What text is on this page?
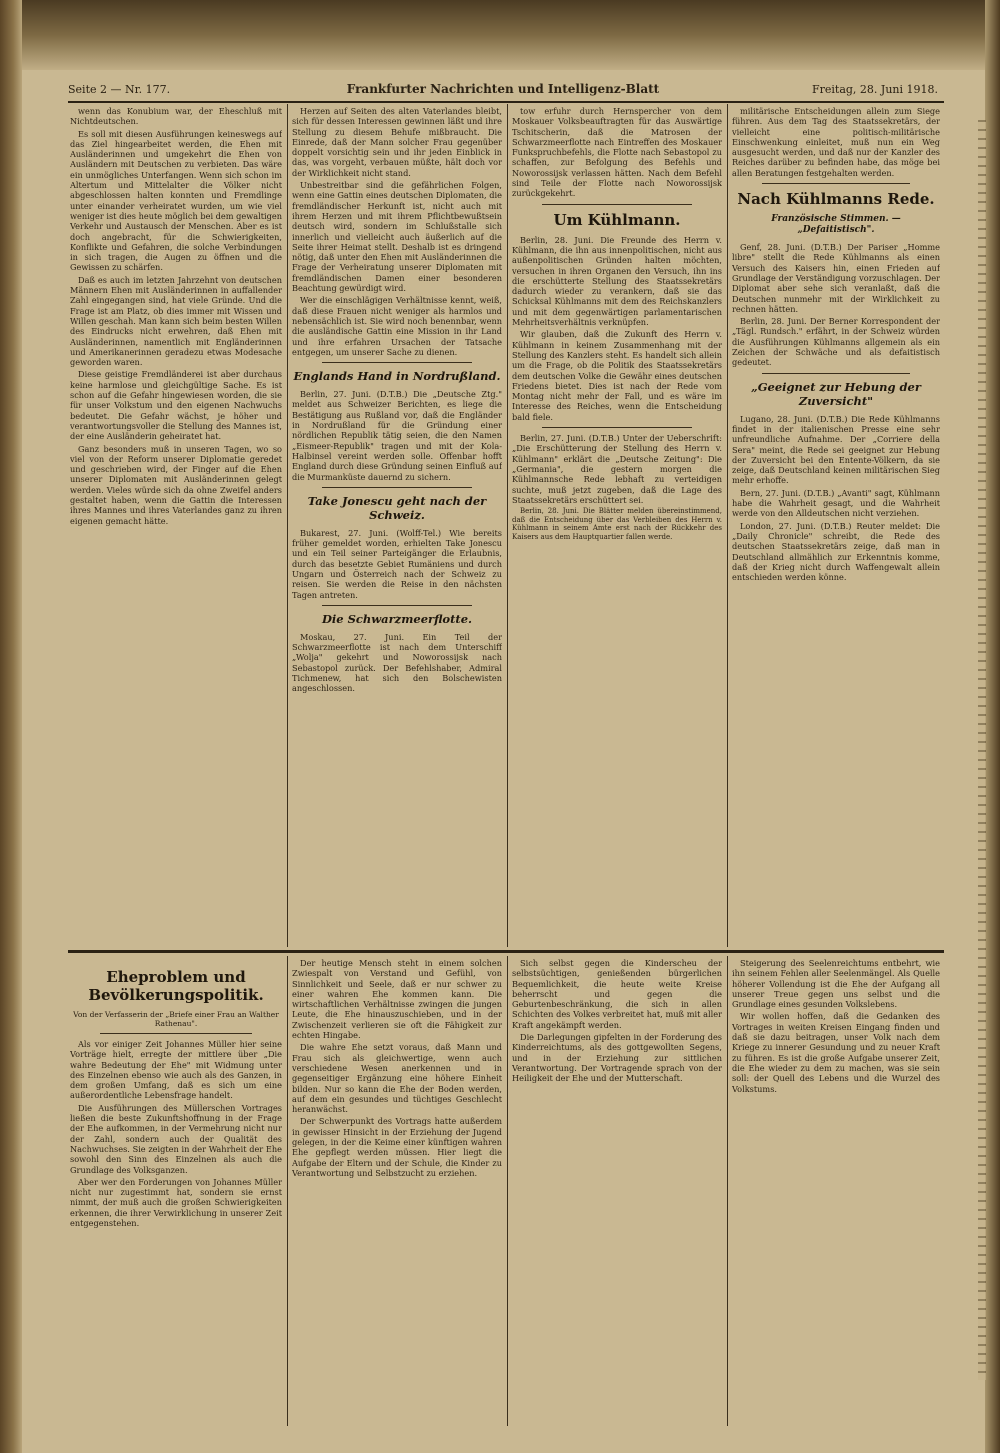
Seite 2 — Nr. 177.	Frankfurter Nachrichten und Intelligenz-Blatt	Freitag, 28. Juni 1918.

wenn das Konubium war, der Eheschluß mit Nichtdeutschen.

Es soll mit diesen Ausführungen keineswegs auf das Ziel hingearbeitet werden, die Ehen mit Ausländerinnen und umgekehrt die Ehen von Ausländern mit Deutschen zu verbieten. Das wäre ein unmögliches Unterfangen. Wenn sich schon im Altertum und Mittelalter die Völker nicht abgeschlossen halten konnten und Fremdlinge unter einander verheiratet wurden, um wie viel weniger ist dies heute möglich bei dem gewaltigen Verkehr und Austausch der Menschen. Aber es ist doch angebracht, für die Schwierigkeiten, Konflikte und Gefahren, die solche Verbindungen in sich tragen, die Augen zu öffnen und die Gewissen zu schärfen.

Daß es auch im letzten Jahrzehnt von deutschen Männern Ehen mit Ausländerinnen in auffallender Zahl eingegangen sind, hat viele Gründe. Und die Frage ist am Platz, ob dies immer mit Wissen und Willen geschah. Man kann sich beim besten Willen des Eindrucks nicht erwehren, daß Ehen mit Ausländerinnen, namentlich mit Engländerinnen und Amerikanerinnen geradezu etwas Modesache geworden waren.

Diese geistige Fremdländerei ist aber durchaus keine harmlose und gleichgültige Sache. Es ist schon auf die Gefahr hingewiesen worden, die sie für unser Volkstum und den eigenen Nachwuchs bedeutet. Die Gefahr wächst, je höher und verantwortungsvoller die Stellung des Mannes ist, der eine Ausländerin geheiratet hat.

Ganz besonders muß in unseren Tagen, wo so viel von der Reform unserer Diplomatie geredet und geschrieben wird, der Finger auf die Ehen unserer Diplomaten mit Ausländerinnen gelegt werden. Vieles würde sich da ohne Zweifel anders gestaltet haben, wenn die Gattin die Interessen ihres Mannes und ihres Vaterlandes ganz zu ihren eigenen gemacht hätte.

Herzen auf Seiten des alten Vaterlandes bleibt, sich für dessen Interessen gewinnen läßt und ihre Stellung zu diesem Behufe mißbraucht. Die Einrede, daß der Mann solcher Frau gegenüber doppelt vorsichtig sein und ihr jeden Einblick in das, was vorgeht, verbauen müßte, hält doch vor der Wirklichkeit nicht stand.

Unbestreitbar sind die gefährlichen Folgen, wenn eine Gattin eines deutschen Diplomaten, die fremdländischer Herkunft ist, nicht auch mit ihrem Herzen und mit ihrem Pflichtbewußtsein deutsch wird, sondern im Schlußstalle sich innerlich und vielleicht auch äußerlich auf die Seite ihrer Heimat stellt. Deshalb ist es dringend nötig, daß unter den Ehen mit Ausländerinnen die Frage der Verheiratung unserer Diplomaten mit fremdländischen Damen einer besonderen Beachtung gewürdigt wird.

Wer die einschlägigen Verhältnisse kennt, weiß, daß diese Frauen nicht weniger als harmlos und nebensächlich ist. Sie wird noch benennbar, wenn die ausländische Gattin eine Mission in ihr Land und ihre erfahren Ursachen der Tatsache entgegen, um unserer Sache zu dienen.

Englands Hand in Nordrußland.

Berlin, 27. Juni. (D.T.B.) Die „Deutsche Ztg." meldet aus Schweizer Berichten, es liege die Bestätigung aus Rußland vor, daß die Engländer in Nordrußland für die Gründung einer nördlichen Republik tätig seien, die den Namen „Eismeer-Republik" tragen und mit der Kola-Halbinsel vereint werden solle. Offenbar hofft England durch diese Gründung seinen Einfluß auf die Murmanküste dauernd zu sichern.

Take Jonescu geht nach der Schweiz.

Bukarest, 27. Juni. (Wolff-Tel.) Wie bereits früher gemeldet worden, erhielten Take Jonescu und ein Teil seiner Parteigänger die Erlaubnis, durch das besetzte Gebiet Rumäniens und durch Ungarn und Österreich nach der Schweiz zu reisen. Sie werden die Reise in den nächsten Tagen antreten.

Die Schwarzmeerflotte.

Moskau, 27. Juni. Ein Teil der Schwarzmeerflotte ist nach dem Unterschiff „Wolja" gekehrt und Noworossijsk nach Sebastopol zurück. Der Befehlshaber, Admiral Tichmenew, hat sich den Bolschewisten angeschlossen.

tow erfuhr durch Hernspercher von dem Moskauer Volksbeauftragten für das Auswärtige Tschitscherin, daß die Matrosen der Schwarzmeerflotte nach Eintreffen des Moskauer Funkspruchbefehls, die Flotte nach Sebastopol zu schaffen, zur Befolgung des Befehls und Noworossijsk verlassen hätten. Nach dem Befehl sind Teile der Flotte nach Noworossijsk zurückgekehrt.

Um Kühlmann.

Berlin, 28. Juni. Die Freunde des Herrn v. Kühlmann, die ihn aus innenpolitischen, nicht aus außenpolitischen Gründen halten möchten, versuchen in ihren Organen den Versuch, ihn ins die erschütterte Stellung des Staatssekretärs dadurch wieder zu verankern, daß sie das Schicksal Kühlmanns mit dem des Reichskanzlers und mit dem gegenwärtigen parlamentarischen Mehrheitsverhältnis verknüpfen.

Wir glauben, daß die Zukunft des Herrn v. Kühlmann in keinem Zusammenhang mit der Stellung des Kanzlers steht. Es handelt sich allein um die Frage, ob die Politik des Staatssekretärs dem deutschen Volke die Gewähr eines deutschen Friedens bietet. Dies ist nach der Rede vom Montag nicht mehr der Fall, und es wäre im Interesse des Reiches, wenn die Entscheidung bald fiele.

Berlin, 27. Juni. (D.T.B.) Unter der Ueberschrift: „Die Erschütterung der Stellung des Herrn v. Kühlmann" erklärt die „Deutsche Zeitung": Die „Germania", die gestern morgen die Kühlmannsche Rede lebhaft zu verteidigen suchte, muß jetzt zugeben, daß die Lage des Staatssekretärs erschüttert sei.

Berlin, 28. Juni. Die Blätter melden übereinstimmend, daß die Entscheidung über das Verbleiben des Herrn v. Kühlmann in seinem Amte erst nach der Rückkehr des Kaisers aus dem Hauptquartier fallen werde.

militärische Entscheidungen allein zum Siege führen. Aus dem Tag des Staatssekretärs, der vielleicht eine politisch-militärische Einschwenkung einleitet, muß nun ein Weg ausgesucht werden, und daß nur der Kanzler des Reiches darüber zu befinden habe, das möge bei allen Beratungen festgehalten werden.

Nach Kühlmanns Rede.
Französische Stimmen. — „Defaitistisch".

Genf, 28. Juni. (D.T.B.) Der Pariser „Homme libre" stellt die Rede Kühlmanns als einen Versuch des Kaisers hin, einen Frieden auf Grundlage der Verständigung vorzuschlagen. Der Diplomat aber sehe sich veranlaßt, daß die Deutschen nunmehr mit der Wirklichkeit zu rechnen hätten.

Berlin, 28. Juni. Der Berner Korrespondent der „Tägl. Rundsch." erfährt, in der Schweiz würden die Ausführungen Kühlmanns allgemein als ein Zeichen der Schwäche und als defaitistisch gedeutet.

„Geeignet zur Hebung der Zuversicht"

Lugano, 28. Juni. (D.T.B.) Die Rede Kühlmanns findet in der italienischen Presse eine sehr unfreundliche Aufnahme. Der „Corriere della Sera" meint, die Rede sei geeignet zur Hebung der Zuversicht bei den Entente-Völkern, da sie zeige, daß Deutschland keinen militärischen Sieg mehr erhoffe.

Bern, 27. Juni. (D.T.B.) „Avanti" sagt, Kühlmann habe die Wahrheit gesagt, und die Wahrheit werde von den Alldeutschen nicht verziehen.

London, 27. Juni. (D.T.B.) Reuter meldet: Die „Daily Chronicle" schreibt, die Rede des deutschen Staatssekretärs zeige, daß man in Deutschland allmählich zur Erkenntnis komme, daß der Krieg nicht durch Waffengewalt allein entschieden werden könne.

Eheproblem und Bevölkerungspolitik.
Von der Verfasserin der „Briefe einer Frau an Walther Rathenau".

Als vor einiger Zeit Johannes Müller hier seine Vorträge hielt, erregte der mittlere über „Die wahre Bedeutung der Ehe" mit Widmung unter des Einzelnen ebenso wie auch als des Ganzen, in dem großen Umfang, daß es sich um eine außerordentliche Lebensfrage handelt.

Die Ausführungen des Müllerschen Vortrages ließen die beste Zukunftshoffnung in der Frage der Ehe aufkommen, in der Vermehrung nicht nur der Zahl, sondern auch der Qualität des Nachwuchses. Sie zeigten in der Wahrheit der Ehe sowohl den Sinn des Einzelnen als auch die Grundlage des Volksganzen.

Aber wer den Forderungen von Johannes Müller nicht nur zugestimmt hat, sondern sie ernst nimmt, der muß auch die großen Schwierigkeiten erkennen, die ihrer Verwirklichung in unserer Zeit entgegenstehen.

Der heutige Mensch steht in einem solchen Zwiespalt von Verstand und Gefühl, von Sinnlichkeit und Seele, daß er nur schwer zu einer wahren Ehe kommen kann. Die wirtschaftlichen Verhältnisse zwingen die jungen Leute, die Ehe hinauszuschieben, und in der Zwischenzeit verlieren sie oft die Fähigkeit zur echten Hingabe.

Die wahre Ehe setzt voraus, daß Mann und Frau sich als gleichwertige, wenn auch verschiedene Wesen anerkennen und in gegenseitiger Ergänzung eine höhere Einheit bilden. Nur so kann die Ehe der Boden werden, auf dem ein gesundes und tüchtiges Geschlecht heranwächst.

Der Schwerpunkt des Vortrags hatte außerdem in gewisser Hinsicht in der Erziehung der Jugend gelegen, in der die Keime einer künftigen wahren Ehe gepflegt werden müssen. Hier liegt die Aufgabe der Eltern und der Schule, die Kinder zu Verantwortung und Selbstzucht zu erziehen.

Sich selbst gegen die Kinderscheu der selbstsüchtigen, genießenden bürgerlichen Bequemlichkeit, die heute weite Kreise beherrscht und gegen die Geburtenbeschränkung, die sich in allen Schichten des Volkes verbreitet hat, muß mit aller Kraft angekämpft werden.

Die Darlegungen gipfelten in der Forderung des Kinderreichtums, als des gottgewollten Segens, und in der Erziehung zur sittlichen Verantwortung. Der Vortragende sprach von der Heiligkeit der Ehe und der Mutterschaft.

Steigerung des Seelenreichtums entbehrt, wie ihn seinem Fehlen aller Seelenmängel. Als Quelle höherer Vollendung ist die Ehe der Aufgang all unserer Treue gegen uns selbst und die Grundlage eines gesunden Volkslebens.

Wir wollen hoffen, daß die Gedanken des Vortrages in weiten Kreisen Eingang finden und daß sie dazu beitragen, unser Volk nach dem Kriege zu innerer Gesundung und zu neuer Kraft zu führen. Es ist die große Aufgabe unserer Zeit, die Ehe wieder zu dem zu machen, was sie sein soll: der Quell des Lebens und die Wurzel des Volkstums.
